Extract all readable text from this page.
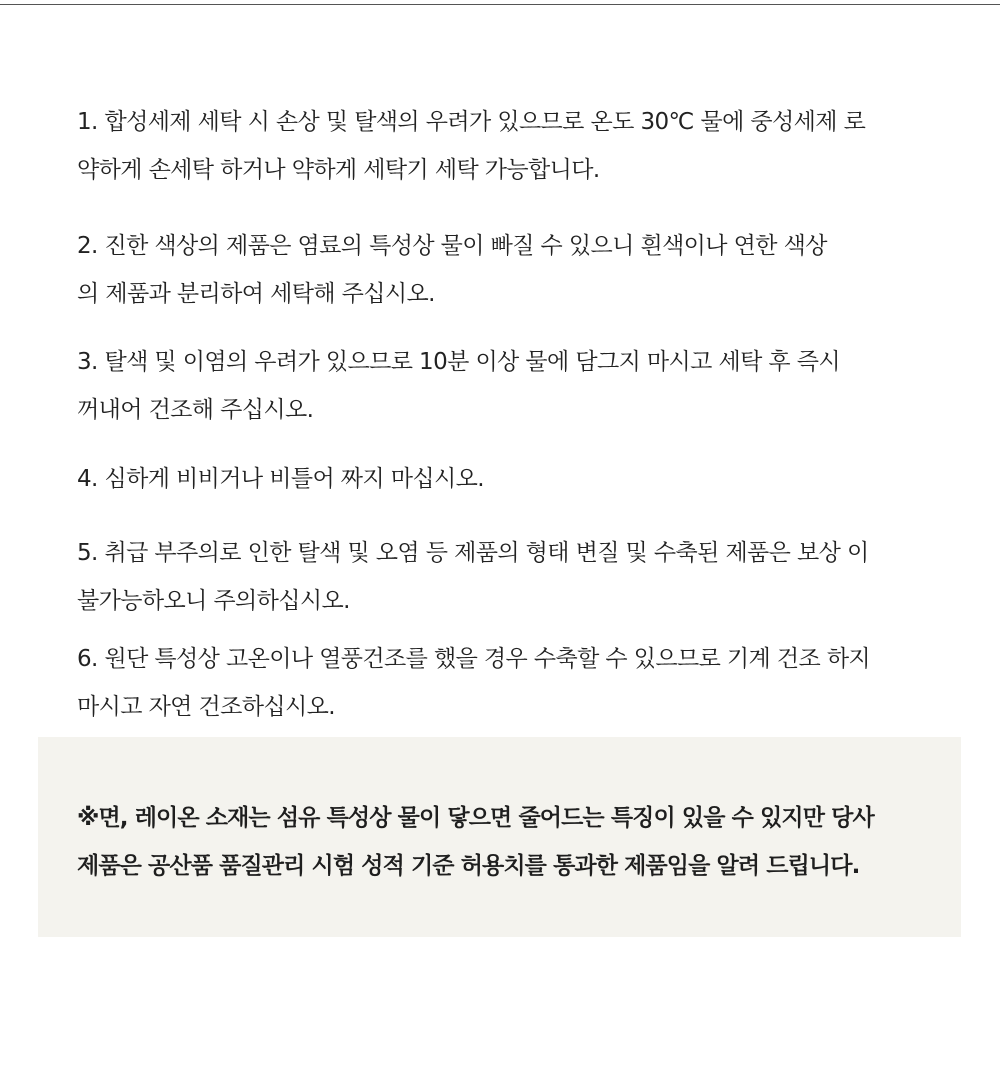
1. 합성세제 세탁 시 손상 및 탈색의 우려가 있으므로 온도 30℃ 물에 중성세제 로
약하게 손세탁 하거나 약하게 세탁기 세탁 가능합니다.
2. 진한 색상의 제품은 염료의 특성상 물이 빠질 수 있으니 흰색이나 연한 색상
의 제품과 분리하여 세탁해 주십시오.
3. 탈색 및 이염의 우려가 있으므로 10분 이상 물에 담그지 마시고 세탁 후 즉시
꺼내어 건조해 주십시오.
4. 심하게 비비거나 비틀어 짜지 마십시오.
5. 취급 부주의로 인한 탈색 및 오염 등 제품의 형태 변질 및 수축된 제품은 보상 이
불가능하오니 주의하십시오.
6. 원단 특성상 고온이나 열풍건조를 했을 경우 수축할 수 있으므로 기계 건조 하지
마시고 자연 건조하십시오.

※면, 레이온 소재는 섬유 특성상 물이 닿으면 줄어드는 특징이 있을 수 있지만 당사
제품은 공산품 품질관리 시험 성적 기준 허용치를 통과한 제품임을 알려 드립니다.
